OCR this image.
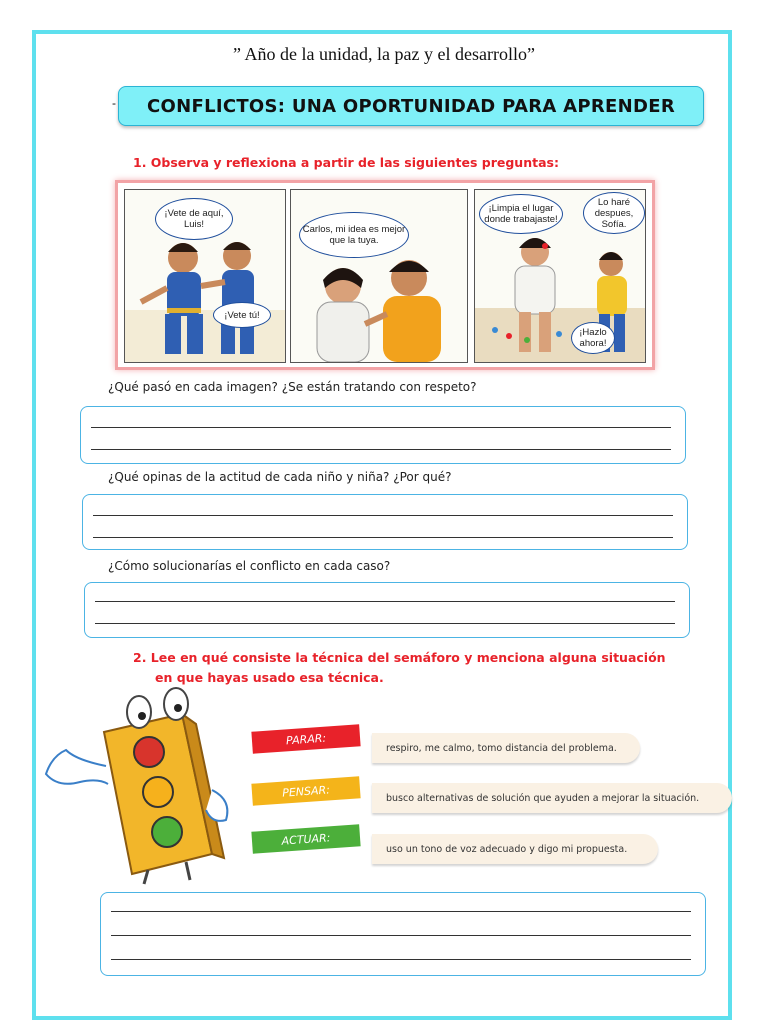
” Año de la unidad, la paz y el desarrollo”
- CONFLICTOS: UNA OPORTUNIDAD PARA APRENDER
1. Observa y reflexiona a partir de las siguientes preguntas:
¡Vete de aquí, Luis!
¡Vete tú!
Carlos, mi idea es mejor que la tuya.
¡Limpia el lugar donde trabajaste!
Lo haré despues, Sofía.
¡Hazlo ahora!
¿Qué pasó en cada imagen? ¿Se están tratando con respeto?
¿Qué opinas de la actitud de cada niño y niña? ¿Por qué?
¿Cómo solucionarías el conflicto en cada caso?
2. Lee en qué consiste la técnica del semáforo y menciona alguna situación
en que hayas usado esa técnica.
respiro, me calmo, tomo distancia del problema.
PARAR:
busco alternativas de solución que ayuden a mejorar la situación.
PENSAR:
uso un tono de voz adecuado y digo mi propuesta.
ACTUAR:
